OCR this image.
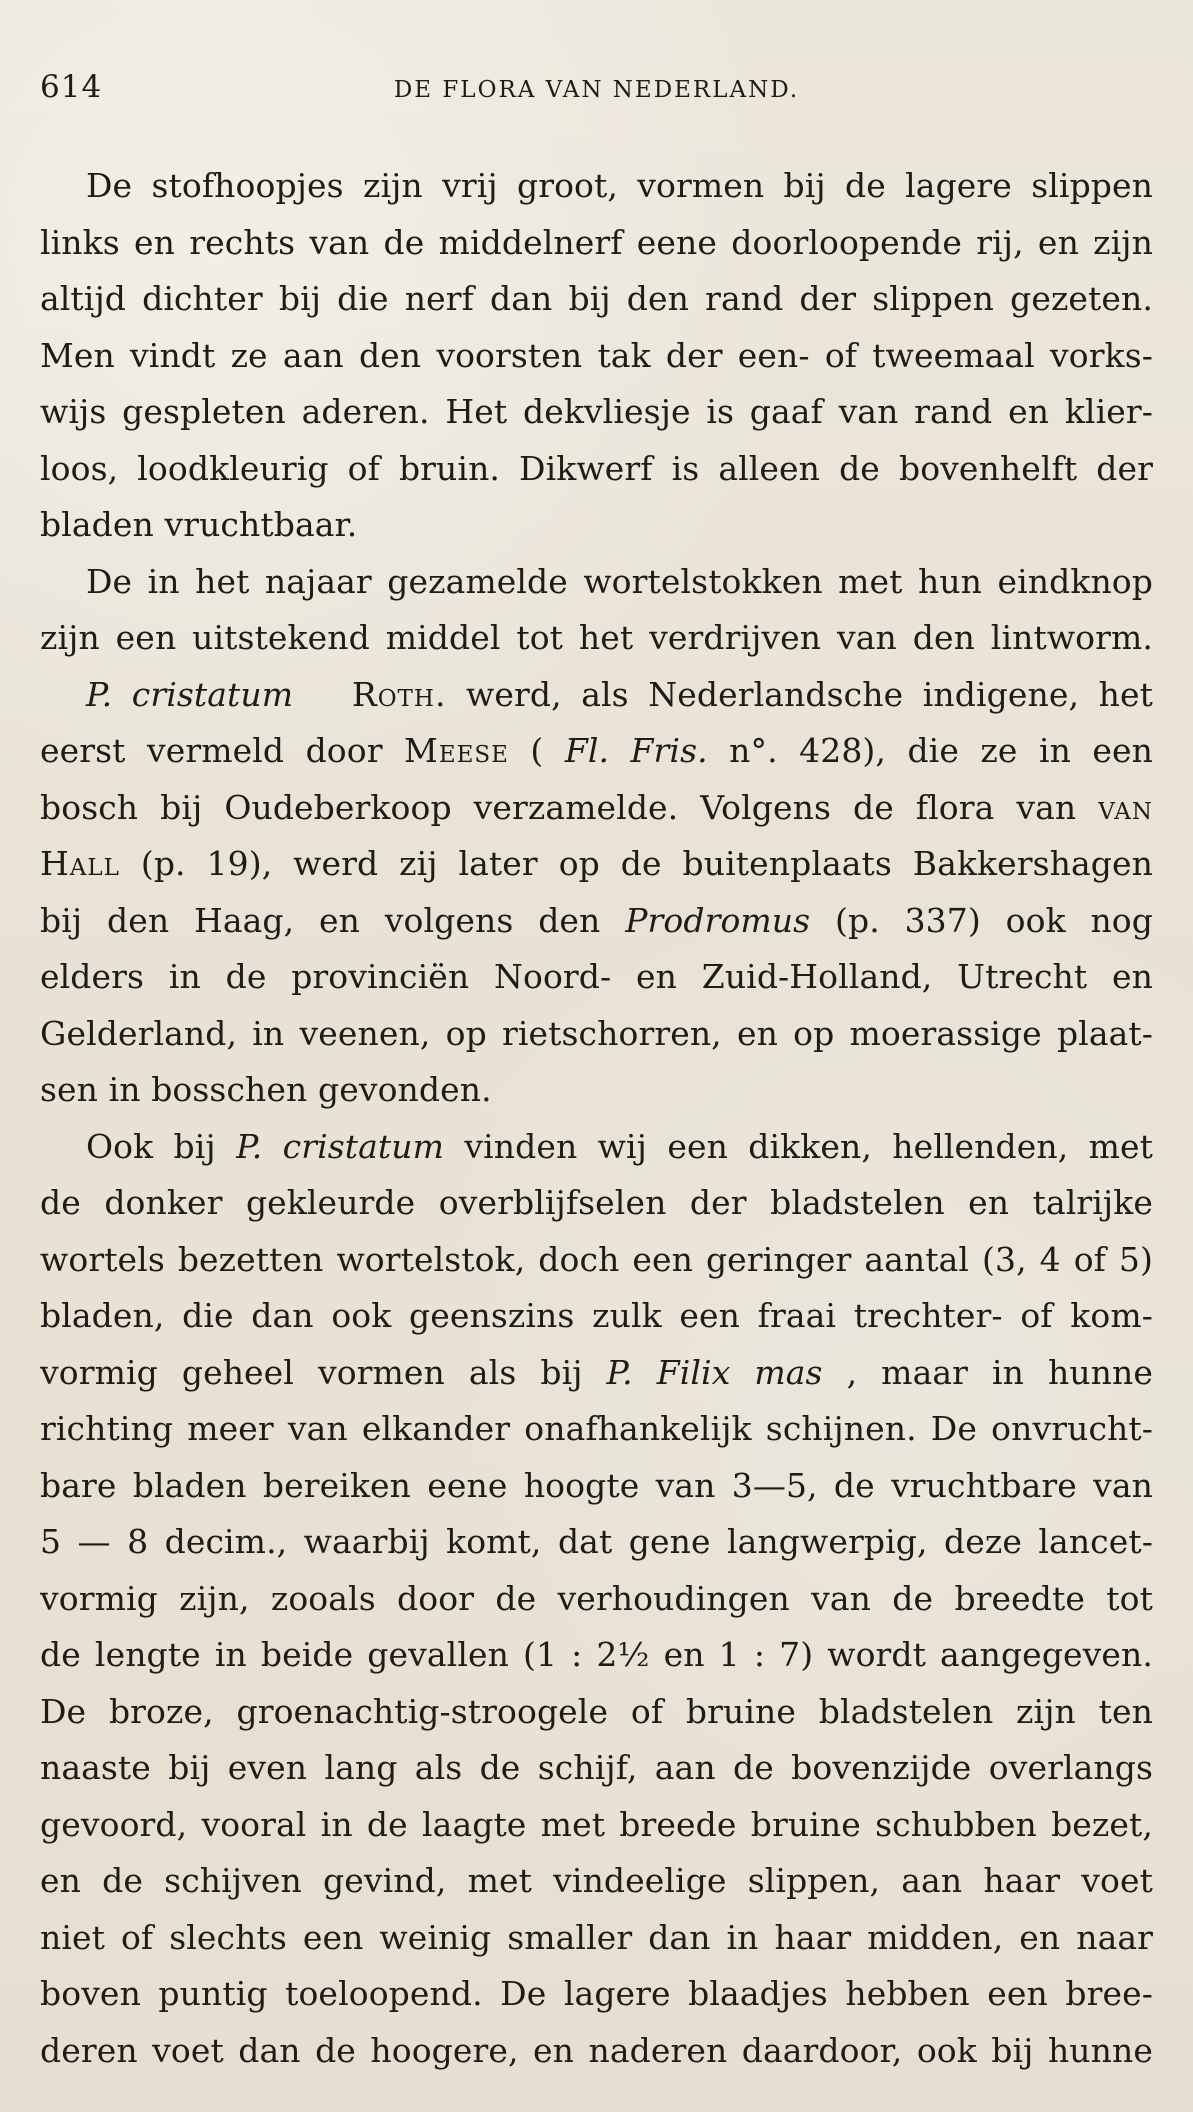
614	DE FLORA VAN NEDERLAND.
De stofhoopjes zijn vrij groot, vormen bij de lagere slippen
links en rechts van de middelnerf eene doorloopende rij, en zijn
altijd dichter bij die nerf dan bij den rand der slippen gezeten.
Men vindt ze aan den voorsten tak der een- of tweemaal vorks-
wijs gespleten aderen. Het dekvliesje is gaaf van rand en klier-
loos, loodkleurig of bruin. Dikwerf is alleen de bovenhelft der
bladen vruchtbaar.
De in het najaar gezamelde wortelstokken met hun eindknop
zijn een uitstekend middel tot het verdrijven van den lintworm.
P. cristatum Roth. werd, als Nederlandsche indigene, het
eerst vermeld door Meese ( Fl. Fris. n°. 428), die ze in een
bosch bij Oudeberkoop verzamelde. Volgens de flora van van
Hall (p. 19), werd zij later op de buitenplaats Bakkershagen
bij den Haag, en volgens den Prodromus (p. 337) ook nog
elders in de provinciën Noord- en Zuid-Holland, Utrecht en
Gelderland, in veenen, op rietschorren, en op moerassige plaat-
sen in bosschen gevonden.
Ook bij P. cristatum vinden wij een dikken, hellenden, met
de donker gekleurde overblijfselen der bladstelen en talrijke
wortels bezetten wortelstok, doch een geringer aantal (3, 4 of 5)
bladen, die dan ook geenszins zulk een fraai trechter- of kom-
vormig geheel vormen als bij P. Filix mas , maar in hunne
richting meer van elkander onafhankelijk schijnen. De onvrucht-
bare bladen bereiken eene hoogte van 3—5, de vruchtbare van
5 — 8 decim., waarbij komt, dat gene langwerpig, deze lancet-
vormig zijn, zooals door de verhoudingen van de breedte tot
de lengte in beide gevallen (1 : 2½ en 1 : 7) wordt aangegeven.
De broze, groenachtig-stroogele of bruine bladstelen zijn ten
naaste bij even lang als de schijf, aan de bovenzijde overlangs
gevoord, vooral in de laagte met breede bruine schubben bezet,
en de schijven gevind, met vindeelige slippen, aan haar voet
niet of slechts een weinig smaller dan in haar midden, en naar
boven puntig toeloopend. De lagere blaadjes hebben een bree-
deren voet dan de hoogere, en naderen daardoor, ook bij hunne
